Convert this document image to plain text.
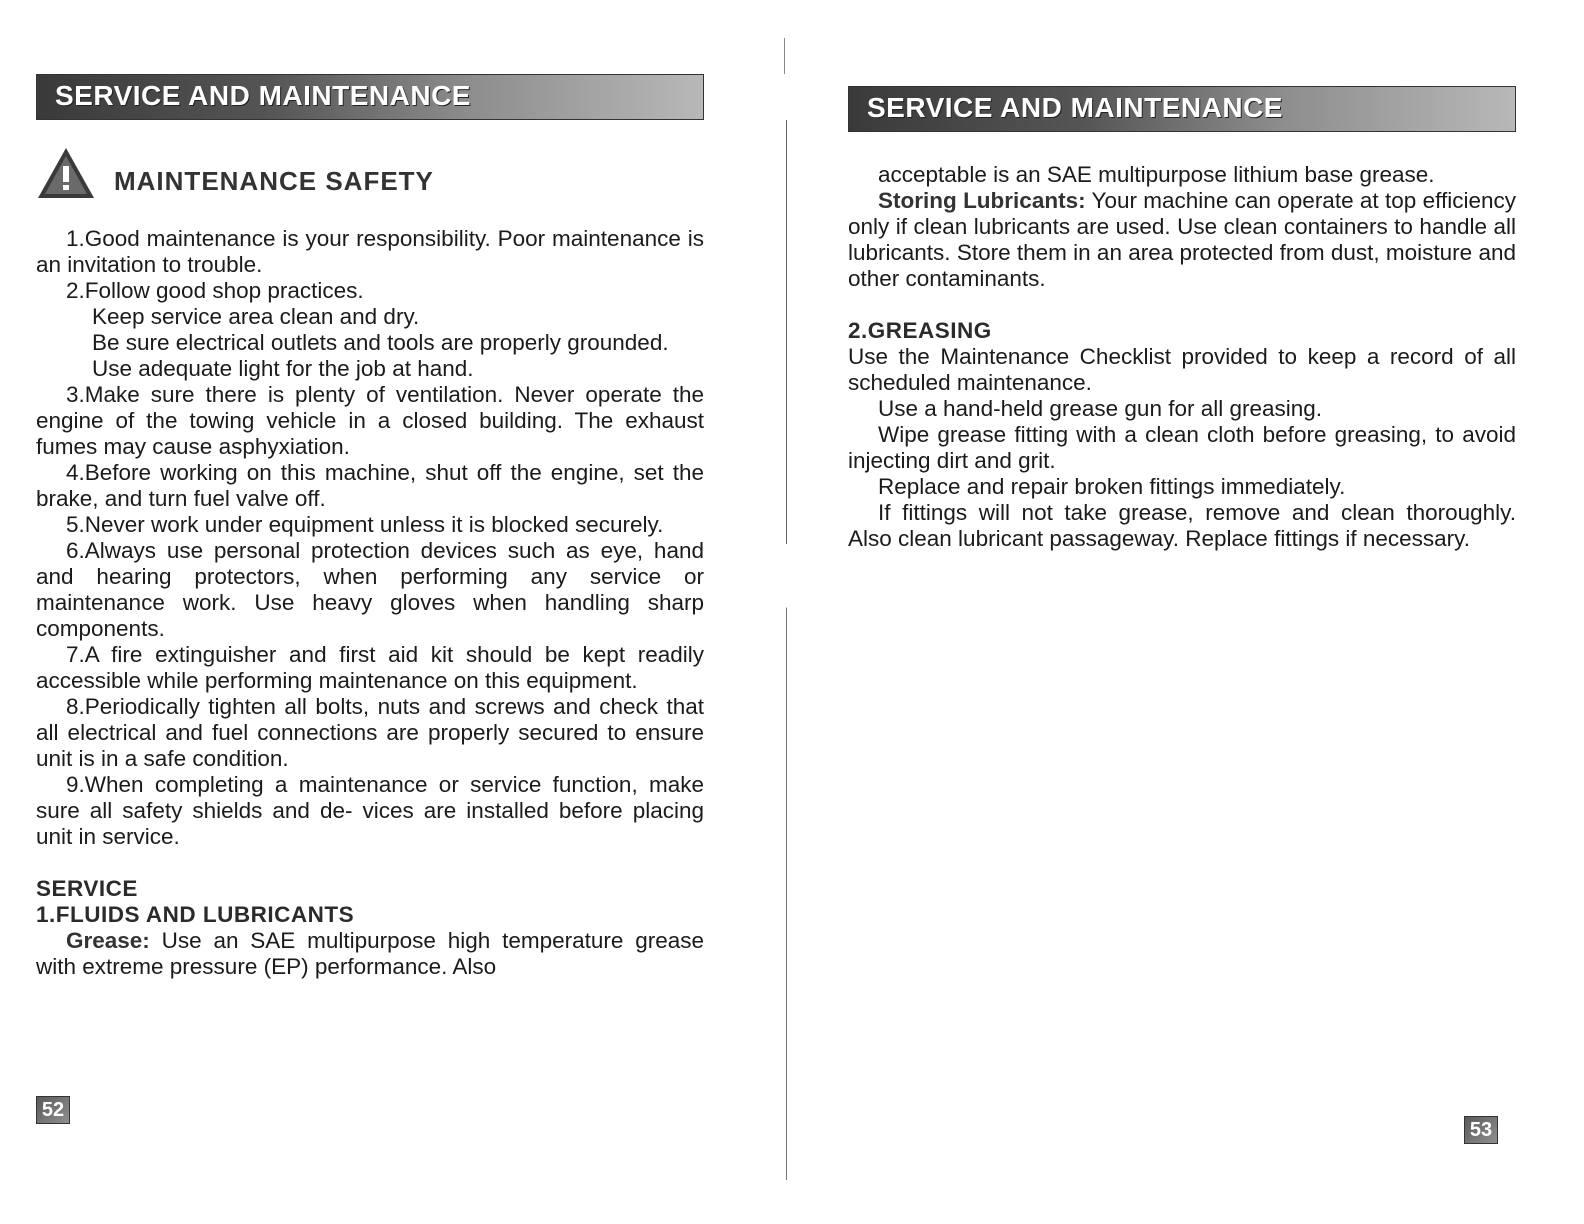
SERVICE AND MAINTENANCE
MAINTENANCE SAFETY

1.Good maintenance is your responsibility. Poor maintenance is an invitation to trouble.

2.Follow good shop practices.

Keep service area clean and dry.

Be sure electrical outlets and tools are properly grounded.

Use adequate light for the job at hand.

3.Make sure there is plenty of ventilation. Never operate the engine of the towing vehicle in a closed building. The exhaust fumes may cause asphyxiation.

4.Before working on this machine, shut off the engine, set the brake, and turn fuel valve off.

5.Never work under equipment unless it is blocked securely.

6.Always use personal protection devices such as eye, hand and hearing protectors, when performing any service or maintenance work. Use heavy gloves when handling sharp components.

7.A fire extinguisher and first aid kit should be kept readily accessible while performing maintenance on this equipment.

8.Periodically tighten all bolts, nuts and screws and check that all electrical and fuel connections are properly secured to ensure unit is in a safe condition.

9.When completing a maintenance or service function, make sure all safety shields and de- vices are installed before placing unit in service.

SERVICE

1.FLUIDS AND LUBRICANTS

Grease: Use an SAE multipurpose high temperature grease with extreme pressure (EP) performance. Also

52
SERVICE AND MAINTENANCE

acceptable is an SAE multipurpose lithium base grease.

Storing Lubricants: Your machine can operate at top efficiency only if clean lubricants are used. Use clean containers to handle all lubricants. Store them in an area protected from dust, moisture and other contaminants.

2.GREASING

Use the Maintenance Checklist provided to keep a record of all scheduled maintenance.

Use a hand-held grease gun for all greasing.

Wipe grease fitting with a clean cloth before greasing, to avoid injecting dirt and grit.

Replace and repair broken fittings immediately.

If fittings will not take grease, remove and clean thoroughly. Also clean lubricant passageway. Replace fittings if necessary.

53
